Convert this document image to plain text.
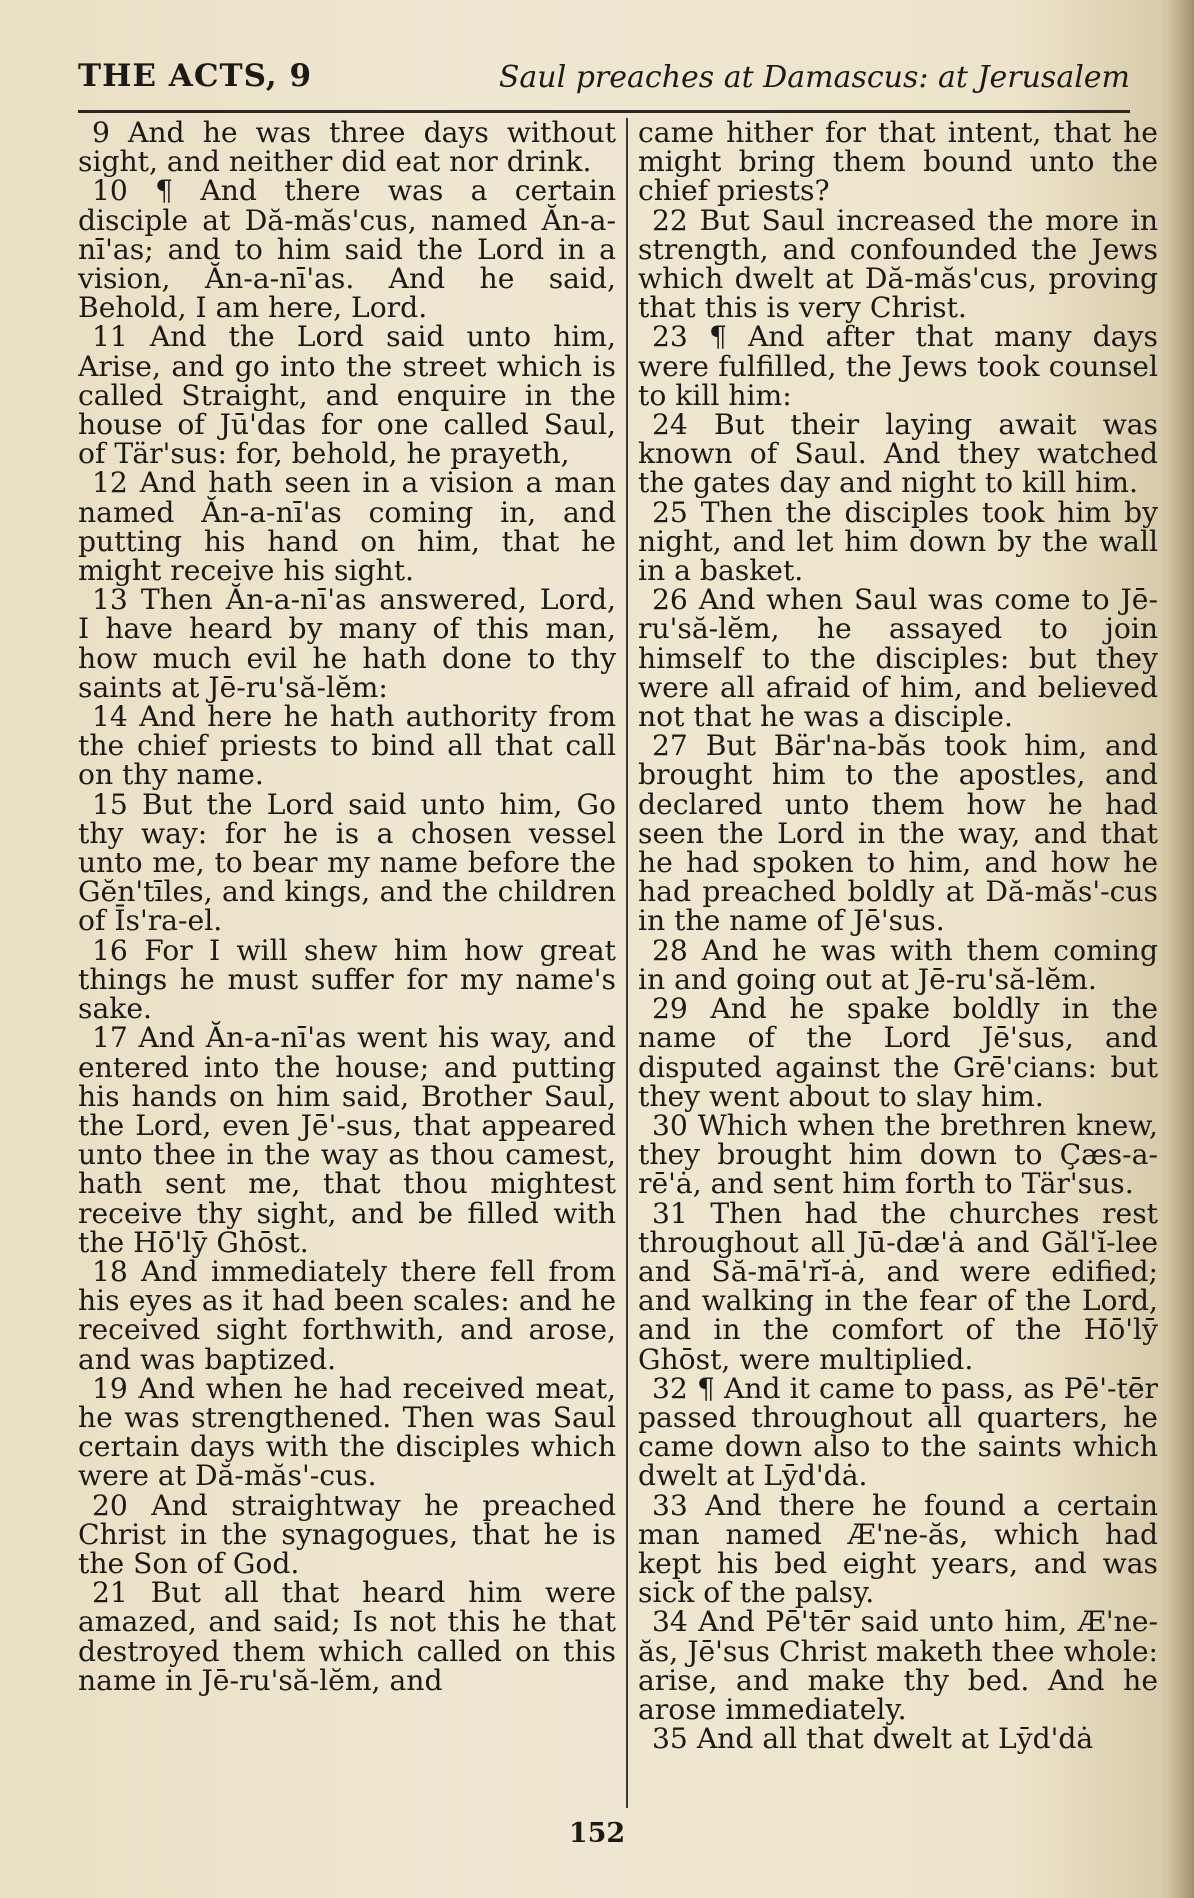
THE ACTS, 9	Saul preaches at Damascus: at Jerusalem

9 And he was three days without sight, and neither did eat nor drink.

10 ¶ And there was a certain disciple at Dă-măs'cus, named Ăn-a-nī'as; and to him said the Lord in a vision, Ăn-a-nī'as. And he said, Behold, I am here, Lord.

11 And the Lord said unto him, Arise, and go into the street which is called Straight, and enquire in the house of Jū'das for one called Saul, of Tär'sus: for, behold, he prayeth,

12 And hath seen in a vision a man named Ăn-a-nī'as coming in, and putting his hand on him, that he might receive his sight.

13 Then Ăn-a-nī'as answered, Lord, I have heard by many of this man, how much evil he hath done to thy saints at Jē-ru'să-lĕm:

14 And here he hath authority from the chief priests to bind all that call on thy name.

15 But the Lord said unto him, Go thy way: for he is a chosen vessel unto me, to bear my name before the Gĕn'tīles, and kings, and the children of Īs'ra-el.

16 For I will shew him how great things he must suffer for my name's sake.

17 And Ăn-a-nī'as went his way, and entered into the house; and putting his hands on him said, Brother Saul, the Lord, even Jē'-sus, that appeared unto thee in the way as thou camest, hath sent me, that thou mightest receive thy sight, and be filled with the Hō'lȳ Ghōst.

18 And immediately there fell from his eyes as it had been scales: and he received sight forthwith, and arose, and was baptized.

19 And when he had received meat, he was strengthened. Then was Saul certain days with the disciples which were at Dă-măs'-cus.

20 And straightway he preached Christ in the synagogues, that he is the Son of God.

21 But all that heard him were amazed, and said; Is not this he that destroyed them which called on this name in Jē-ru'să-lĕm, and

came hither for that intent, that he might bring them bound unto the chief priests?

22 But Saul increased the more in strength, and confounded the Jews which dwelt at Dă-măs'cus, proving that this is very Christ.

23 ¶ And after that many days were fulfilled, the Jews took counsel to kill him:

24 But their laying await was known of Saul. And they watched the gates day and night to kill him.

25 Then the disciples took him by night, and let him down by the wall in a basket.

26 And when Saul was come to Jē-ru'să-lĕm, he assayed to join himself to the disciples: but they were all afraid of him, and believed not that he was a disciple.

27 But Bär'na-băs took him, and brought him to the apostles, and declared unto them how he had seen the Lord in the way, and that he had spoken to him, and how he had preached boldly at Dă-măs'-cus in the name of Jē'sus.

28 And he was with them coming in and going out at Jē-ru'să-lĕm.

29 And he spake boldly in the name of the Lord Jē'sus, and disputed against the Grē'cians: but they went about to slay him.

30 Which when the brethren knew, they brought him down to Çæs-a-rē'ȧ, and sent him forth to Tär'sus.

31 Then had the churches rest throughout all Jū-dæ'ȧ and Găl'ĭ-lee and Să-mā'rĭ-ȧ, and were edified; and walking in the fear of the Lord, and in the comfort of the Hō'lȳ Ghōst, were multiplied.

32 ¶ And it came to pass, as Pē'-tēr passed throughout all quarters, he came down also to the saints which dwelt at Lȳd'dȧ.

33 And there he found a certain man named Æ'ne-ăs, which had kept his bed eight years, and was sick of the palsy.

34 And Pē'tēr said unto him, Æ'ne-ăs, Jē'sus Christ maketh thee whole: arise, and make thy bed. And he arose immediately.

35 And all that dwelt at Lȳd'dȧ

152
